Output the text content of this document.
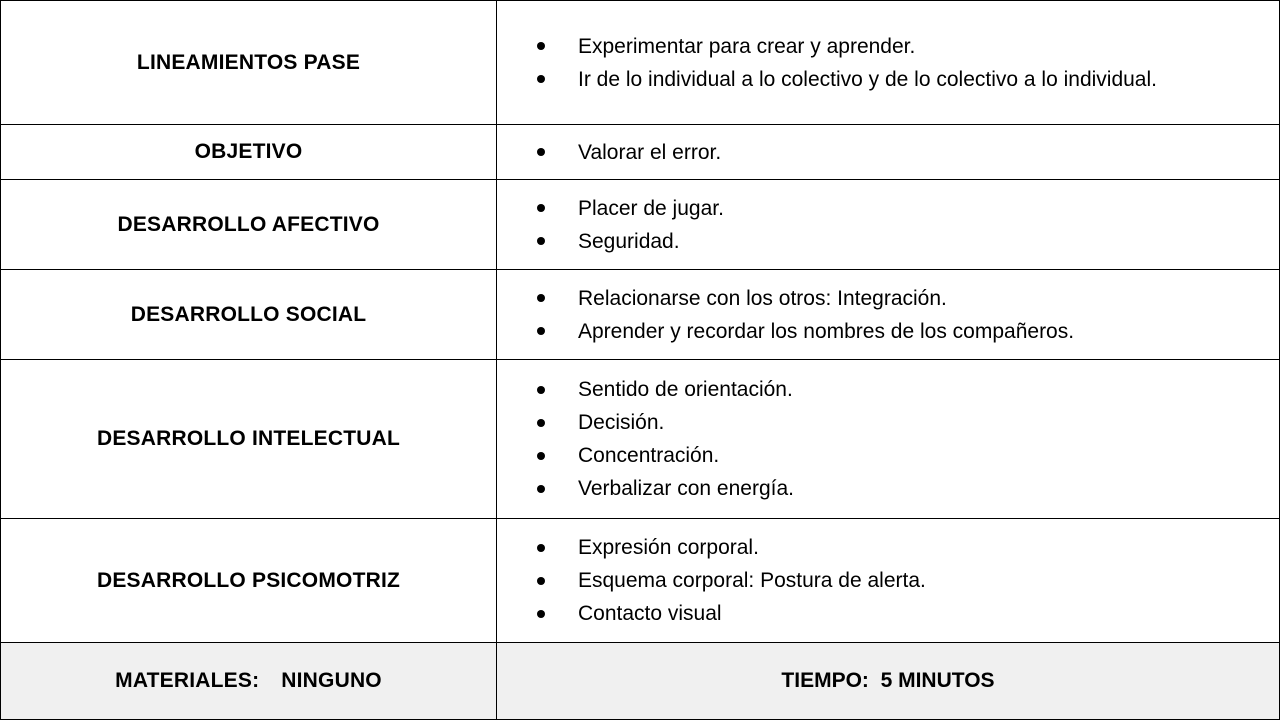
LINEAMIENTOS PASE
Experimentar para crear y aprender.
Ir de lo individual a lo colectivo y de lo colectivo a lo individual.
OBJETIVO	Valorar el error.
DESARROLLO AFECTIVO
Placer de jugar.
Seguridad.
DESARROLLO SOCIAL
Relacionarse con los otros: Integración.
Aprender y recordar los nombres de los compañeros.
DESARROLLO INTELECTUAL
Sentido de orientación.
Decisión.
Concentración.
Verbalizar con energía.
DESARROLLO PSICOMOTRIZ
Expresión corporal.
Esquema corporal: Postura de alerta.
Contacto visual
MATERIALES: NINGUNO	TIEMPO: 5 MINUTOS
